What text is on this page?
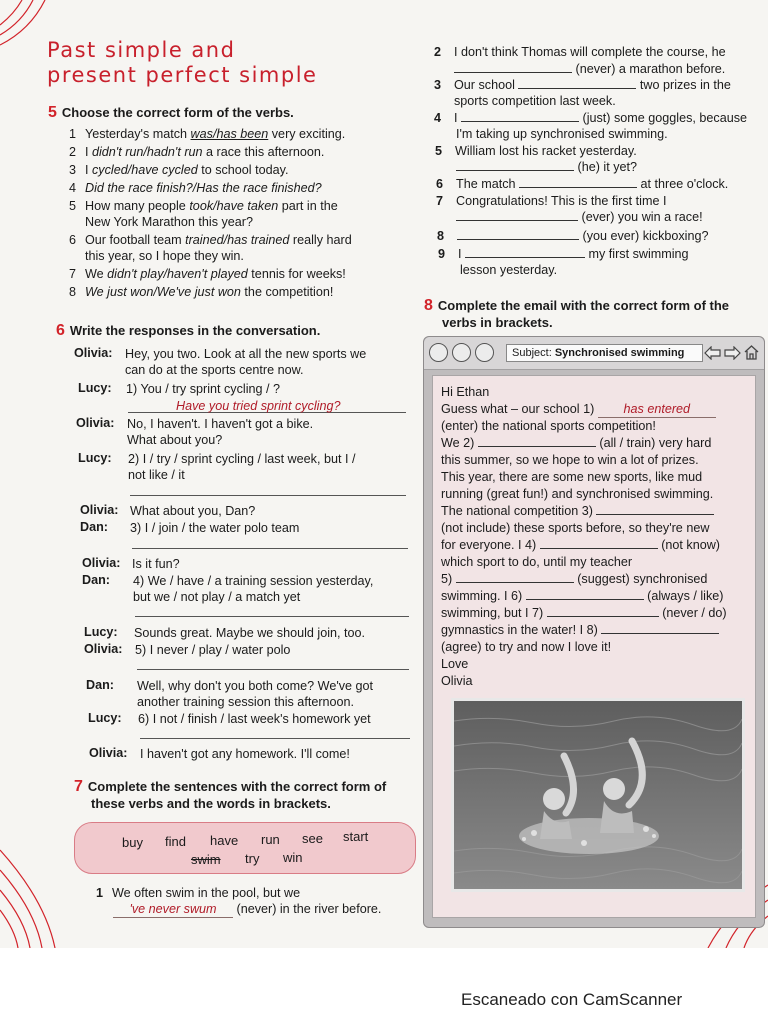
Past simple and
present perfect simple
5 Choose the correct form of the verbs.
1 Yesterday's match was/has been very exciting.
2 I didn't run/hadn't run a race this afternoon.
3 I cycled/have cycled to school today.
4 Did the race finish?/Has the race finished?
5 How many people took/have taken part in the
New York Marathon this year?
6 Our football team trained/has trained really hard
this year, so I hope they win.
7 We didn't play/haven't played tennis for weeks!
8 We just won/We've just won the competition!
6 Write the responses in the conversation.
Olivia: Hey, you two. Look at all the new sports we
can do at the sports centre now.
Lucy: 1) You / try sprint cycling / ?
Have you tried sprint cycling?
Olivia: No, I haven't. I haven't got a bike.
What about you?
Lucy: 2) I / try / sprint cycling / last week, but I /
not like / it
Olivia: What about you, Dan?
Dan: 3) I / join / the water polo team
Olivia: Is it fun?
Dan: 4) We / have / a training session yesterday,
but we / not play / a match yet
Lucy: Sounds great. Maybe we should join, too.
Olivia: 5) I never / play / water polo
Dan: Well, why don't you both come? We've got
another training session this afternoon.
Lucy: 6) I not / finish / last week's homework yet
Olivia: I haven't got any homework. I'll come!
7 Complete the sentences with the correct form of
these verbs and the words in brackets.
buy find have run see start
swim try win
1 We often swim in the pool, but we
've never swum (never) in the river before.
2 I don't think Thomas will complete the course, he
(never) a marathon before.
3 Our school	two prizes in the
sports competition last week.
4 I	(just) some goggles, because
I'm taking up synchronised swimming.
5 William lost his racket yesterday.
(he) it yet?
6 The match	at three o'clock.
7 Congratulations! This is the first time I
(ever) you win a race!
8	(you ever) kickboxing?
9 I	my first swimming
lesson yesterday.
8 Complete the email with the correct form of the
verbs in brackets.
Subject: Synchronised swimming
Hi Ethan
Guess what – our school 1) has entered
(enter) the national sports competition!
We 2)	(all / train) very hard
this summer, so we hope to win a lot of prizes.
This year, there are some new sports, like mud
running (great fun!) and synchronised swimming.
The national competition 3)
(not include) these sports before, so they're new
for everyone. I 4)	(not know)
which sport to do, until my teacher
5)	(suggest) synchronised
swimming. I 6)	(always / like)
swimming, but I 7)	(never / do)
gymnastics in the water! I 8)
(agree) to try and now I love it!
Love
Olivia
Escaneado con CamScanner
